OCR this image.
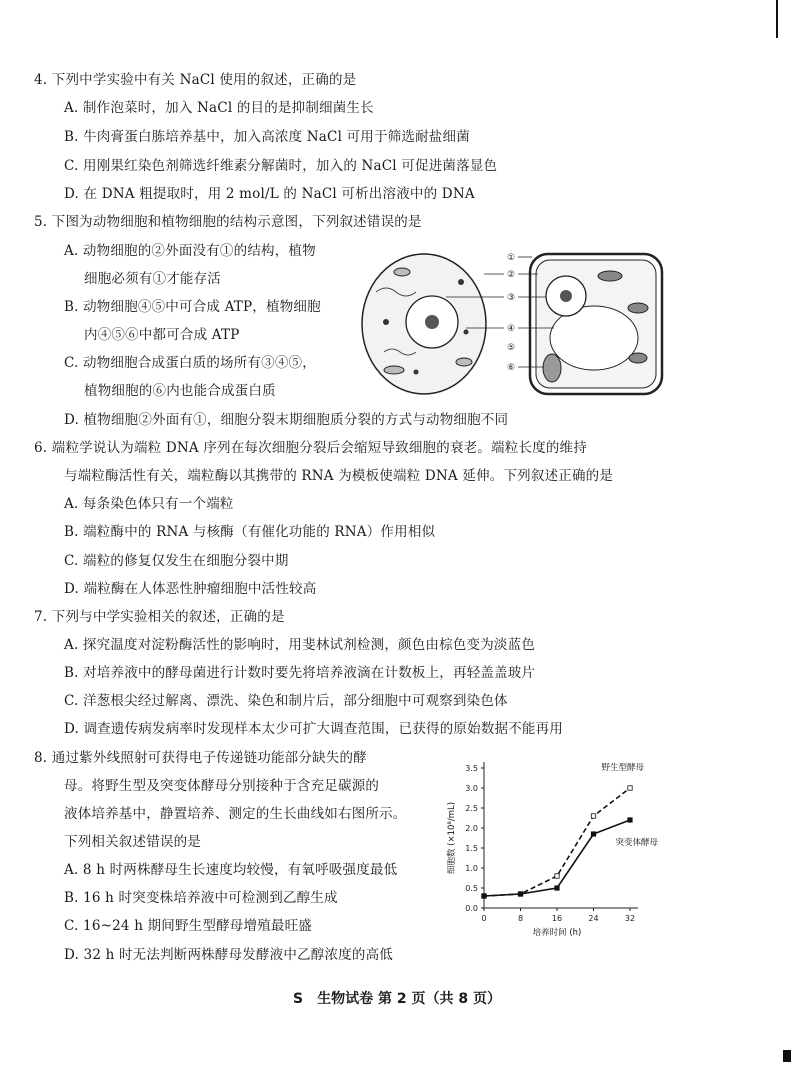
4. 下列中学实验中有关 NaCl 使用的叙述，正确的是
A. 制作泡菜时，加入 NaCl 的目的是抑制细菌生长
B. 牛肉膏蛋白胨培养基中，加入高浓度 NaCl 可用于筛选耐盐细菌
C. 用刚果红染色剂筛选纤维素分解菌时，加入的 NaCl 可促进菌落显色
D. 在 DNA 粗提取时，用 2 mol/L 的 NaCl 可析出溶液中的 DNA
5. 下图为动物细胞和植物细胞的结构示意图，下列叙述错误的是
A. 动物细胞的②外面没有①的结构，植物
细胞必须有①才能存活
B. 动物细胞④⑤中可合成 ATP，植物细胞
内④⑤⑥中都可合成 ATP
C. 动物细胞合成蛋白质的场所有③④⑤，
植物细胞的⑥内也能合成蛋白质
D. 植物细胞②外面有①，细胞分裂末期细胞质分裂的方式与动物细胞不同
①
②
③
④
⑤
⑥
6. 端粒学说认为端粒 DNA 序列在每次细胞分裂后会缩短导致细胞的衰老。端粒长度的维持
与端粒酶活性有关，端粒酶以其携带的 RNA 为模板使端粒 DNA 延伸。下列叙述正确的是
A. 每条染色体只有一个端粒
B. 端粒酶中的 RNA 与核酶（有催化功能的 RNA）作用相似
C. 端粒的修复仅发生在细胞分裂中期
D. 端粒酶在人体恶性肿瘤细胞中活性较高
7. 下列与中学实验相关的叙述，正确的是
A. 探究温度对淀粉酶活性的影响时，用斐林试剂检测，颜色由棕色变为淡蓝色
B. 对培养液中的酵母菌进行计数时要先将培养液滴在计数板上，再轻盖盖玻片
C. 洋葱根尖经过解离、漂洗、染色和制片后，部分细胞中可观察到染色体
D. 调查遗传病发病率时发现样本太少可扩大调查范围，已获得的原始数据不能再用
8. 通过紫外线照射可获得电子传递链功能部分缺失的酵
母。将野生型及突变体酵母分别接种于含充足碳源的
液体培养基中，静置培养、测定的生长曲线如右图所示。
下列相关叙述错误的是
A. 8 h 时两株酵母生长速度均较慢，有氧呼吸强度最低
B. 16 h 时突变株培养液中可检测到乙醇生成
C. 16~24 h 期间野生型酵母增殖最旺盛
D. 32 h 时无法判断两株酵母发酵液中乙醇浓度的高低
0	8	16	24	32
0.0
0.5
1.0
1.5
2.0
2.5
3.0
3.5	野生型酵母
突变体酵母
培养时间 (h)
细胞数 (×10⁸/mL)
S　生物试卷 第 2 页（共 8 页）
